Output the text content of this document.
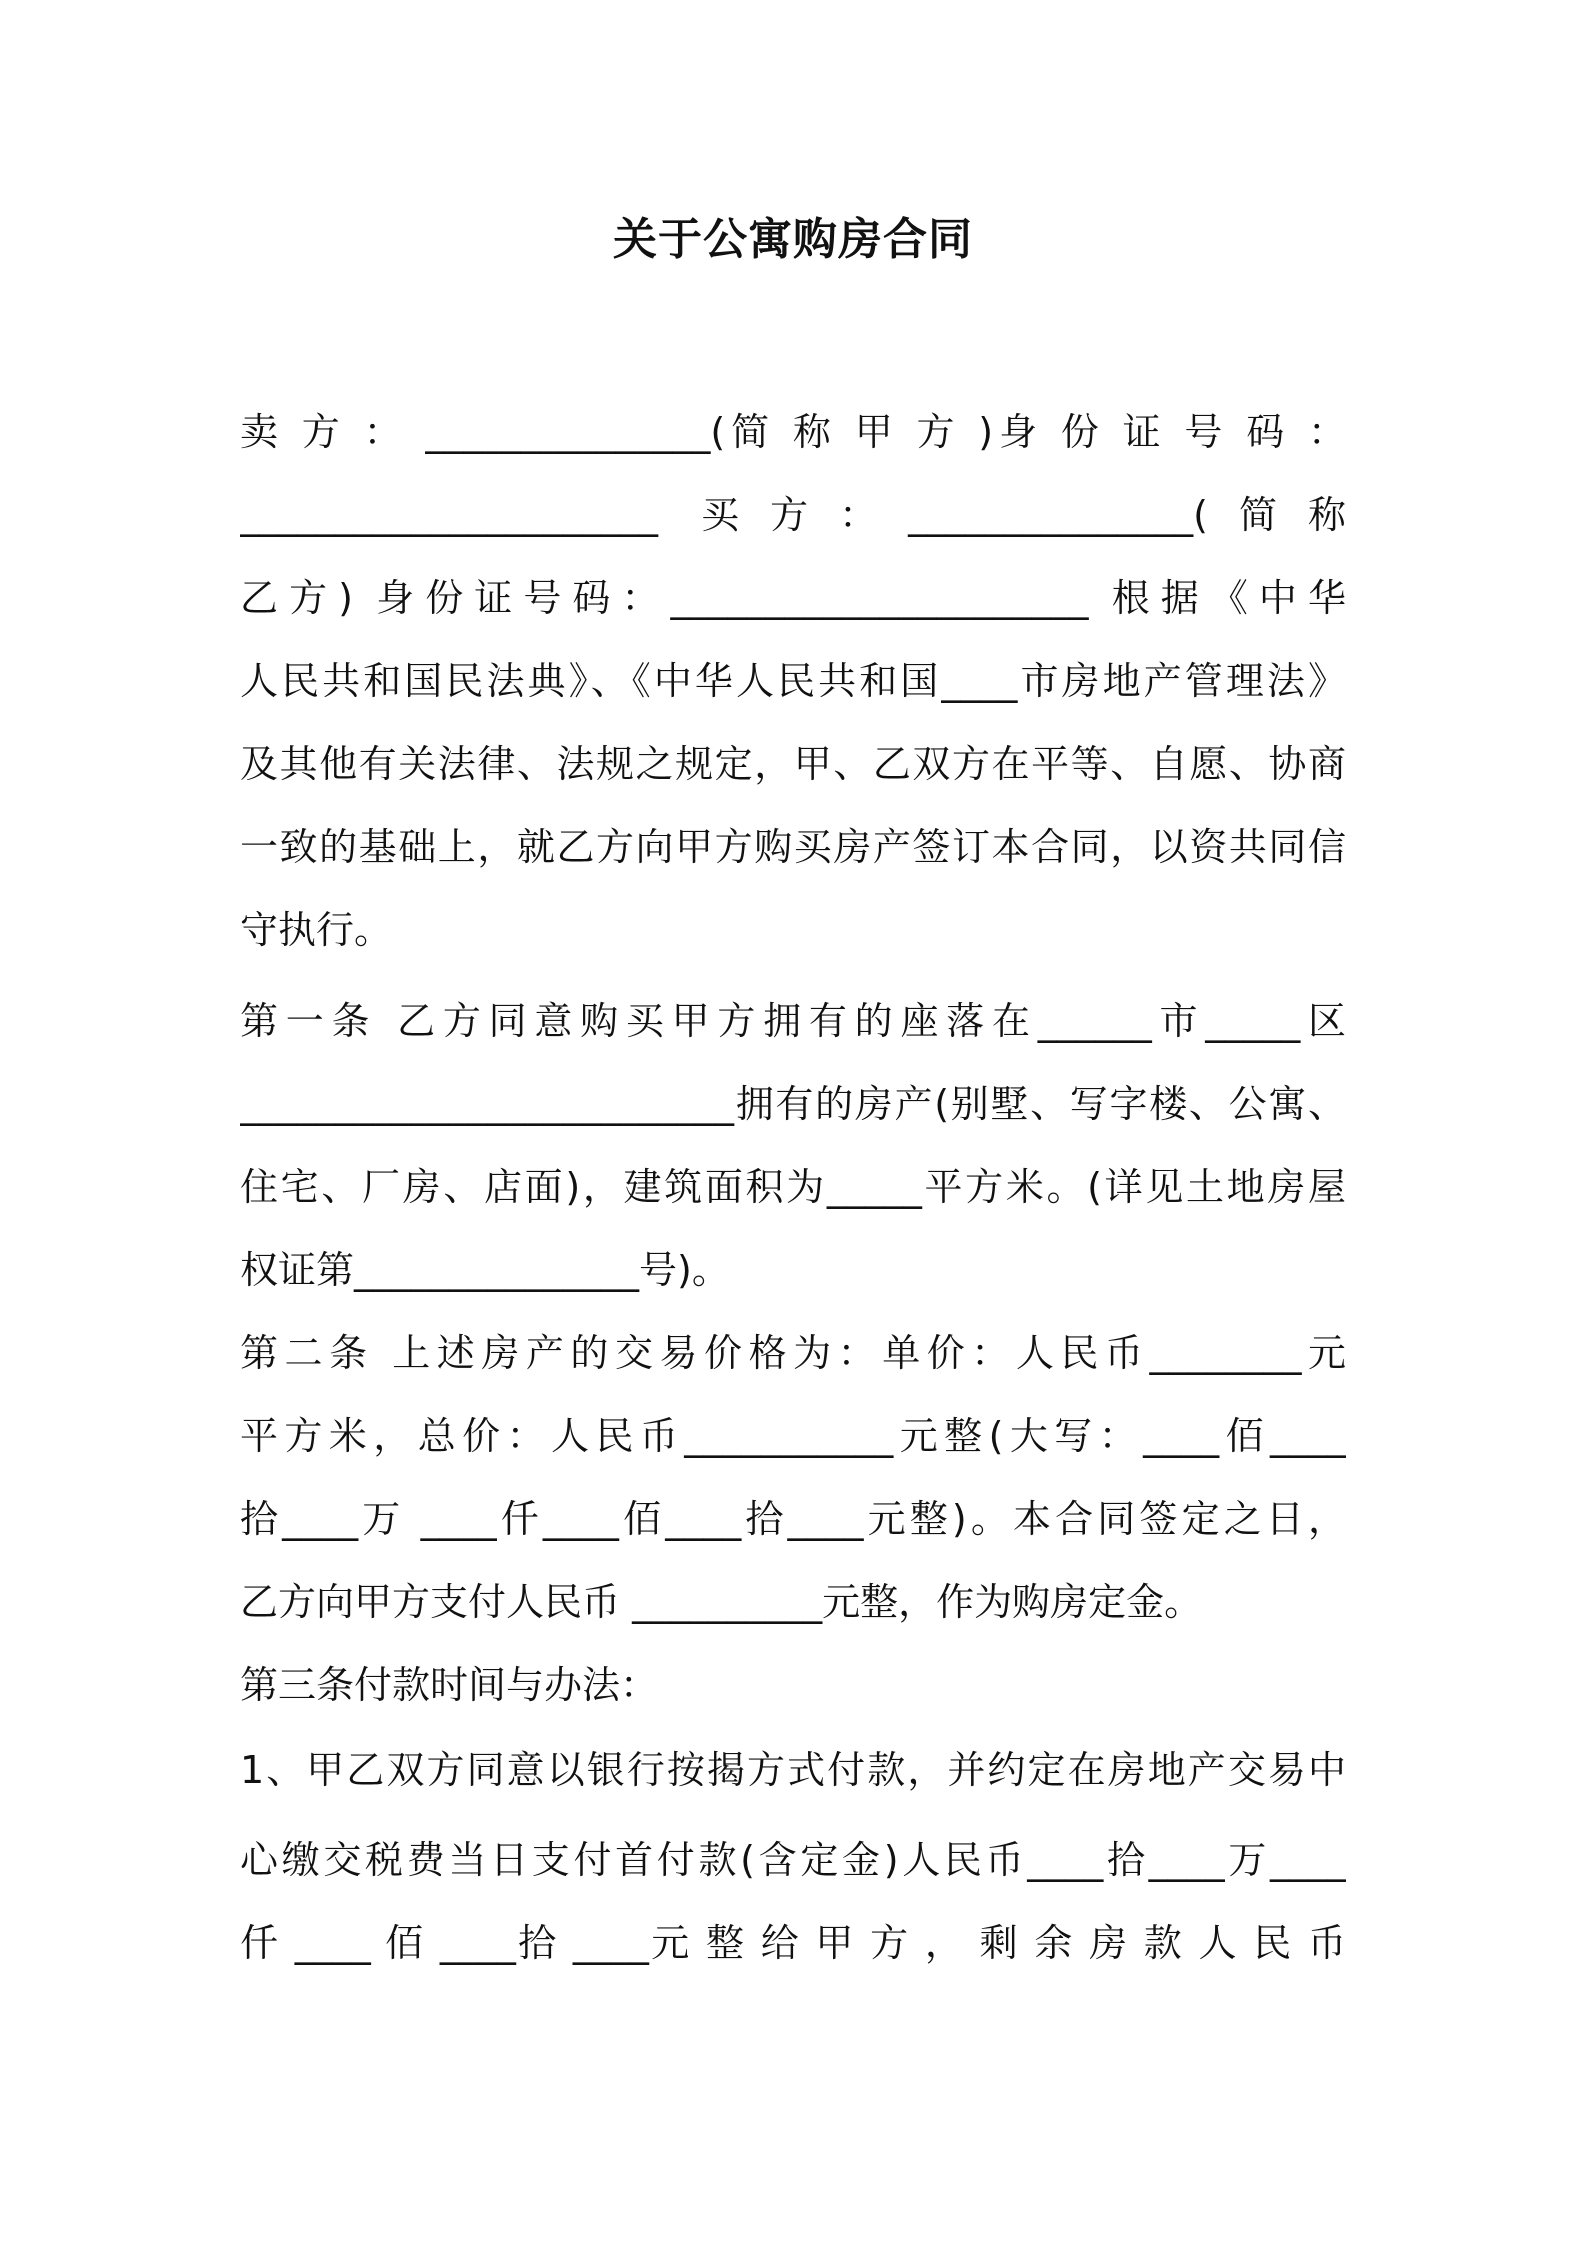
关于公寓购房合同
卖 方 ： _______________(简 称 甲 方 )身 份 证 号 码 ：
______________________ 买方：_______________(简称
乙方) 身份证号码：______________________ 根据《中华
人民共和国民法典》、《中华人民共和国____市房地产管理法》
及其他有关法律、法规之规定，甲、乙双方在平等、自愿、协商
一致的基础上，就乙方向甲方购买房产签订本合同，以资共同信
守执行。
第一条 乙方同意购买甲方拥有的座落在______市_____区
__________________________拥有的房产(别墅、写字楼、公寓、
住宅、厂房、店面)，建筑面积为_____平方米。(详见土地房屋
权证第_______________号)。
第二条 上述房产的交易价格为：单价：人民币________元
平方米，总价：人民币___________元整(大写：____佰____
拾____万 ____仟____佰____拾____元整)。本合同签定之日，
乙方向甲方支付人民币 __________元整，作为购房定金。
第三条付款时间与办法：
1、甲乙双方同意以银行按揭方式付款，并约定在房地产交易中
心缴交税费当日支付首付款(含定金)人民币____拾____万____
仟 ____ 佰 ____拾 ____元 整 给 甲 方 ， 剩 余 房 款 人 民 币
